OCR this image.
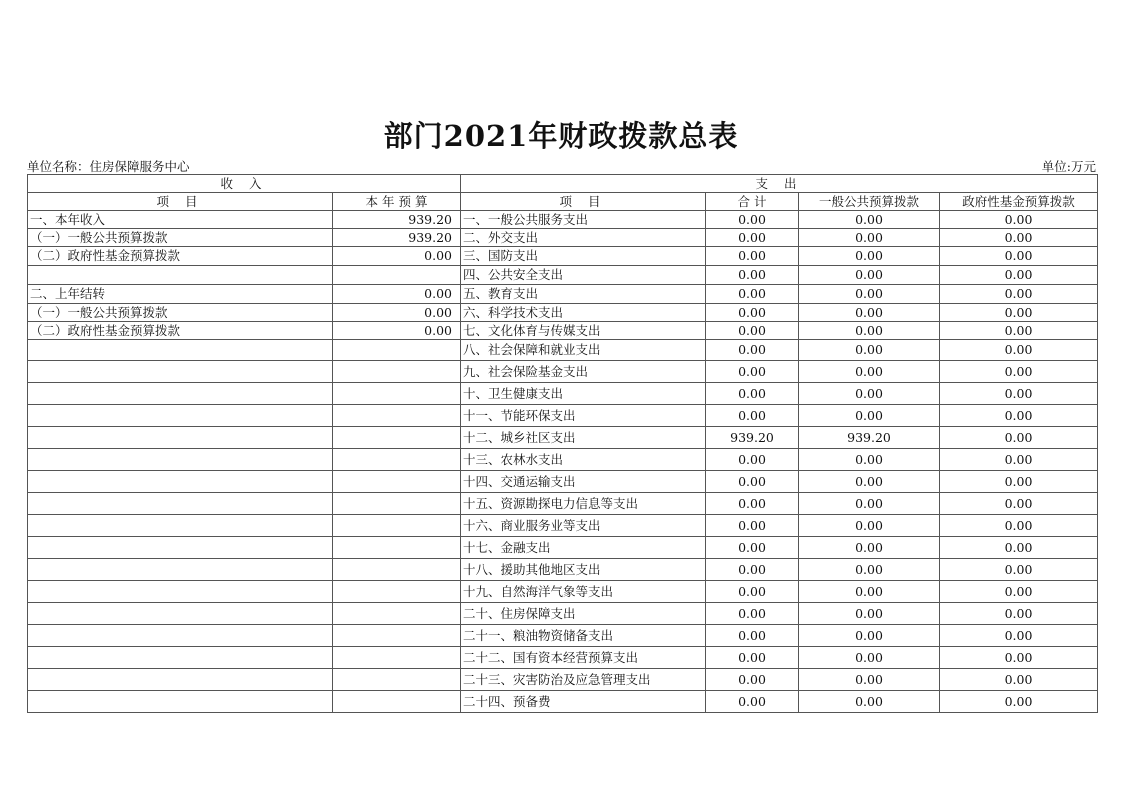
部门2021年财政拨款总表
单位名称：住房保障服务中心	单位:万元
收 入		支 出			
项 目	本 年 预 算	项 目	合 计	一般公共预算拨款	政府性基金预算拨款
一、本年收入	939.20	一、一般公共服务支出	0.00	0.00	0.00
（一）一般公共预算拨款	939.20	二、外交支出	0.00	0.00	0.00
（二）政府性基金预算拨款	0.00	三、国防支出	0.00	0.00	0.00
		四、公共安全支出	0.00	0.00	0.00
二、上年结转	0.00	五、教育支出	0.00	0.00	0.00
（一）一般公共预算拨款	0.00	六、科学技术支出	0.00	0.00	0.00
（二）政府性基金预算拨款	0.00	七、文化体育与传媒支出	0.00	0.00	0.00
		八、社会保障和就业支出	0.00	0.00	0.00
		九、社会保险基金支出	0.00	0.00	0.00
		十、卫生健康支出	0.00	0.00	0.00
		十一、节能环保支出	0.00	0.00	0.00
		十二、城乡社区支出	939.20	939.20	0.00
		十三、农林水支出	0.00	0.00	0.00
		十四、交通运输支出	0.00	0.00	0.00
		十五、资源勘探电力信息等支出	0.00	0.00	0.00
		十六、商业服务业等支出	0.00	0.00	0.00
		十七、金融支出	0.00	0.00	0.00
		十八、援助其他地区支出	0.00	0.00	0.00
		十九、自然海洋气象等支出	0.00	0.00	0.00
		二十、住房保障支出	0.00	0.00	0.00
		二十一、粮油物资储备支出	0.00	0.00	0.00
		二十二、国有资本经营预算支出	0.00	0.00	0.00
		二十三、灾害防治及应急管理支出	0.00	0.00	0.00
		二十四、预备费	0.00	0.00	0.00
